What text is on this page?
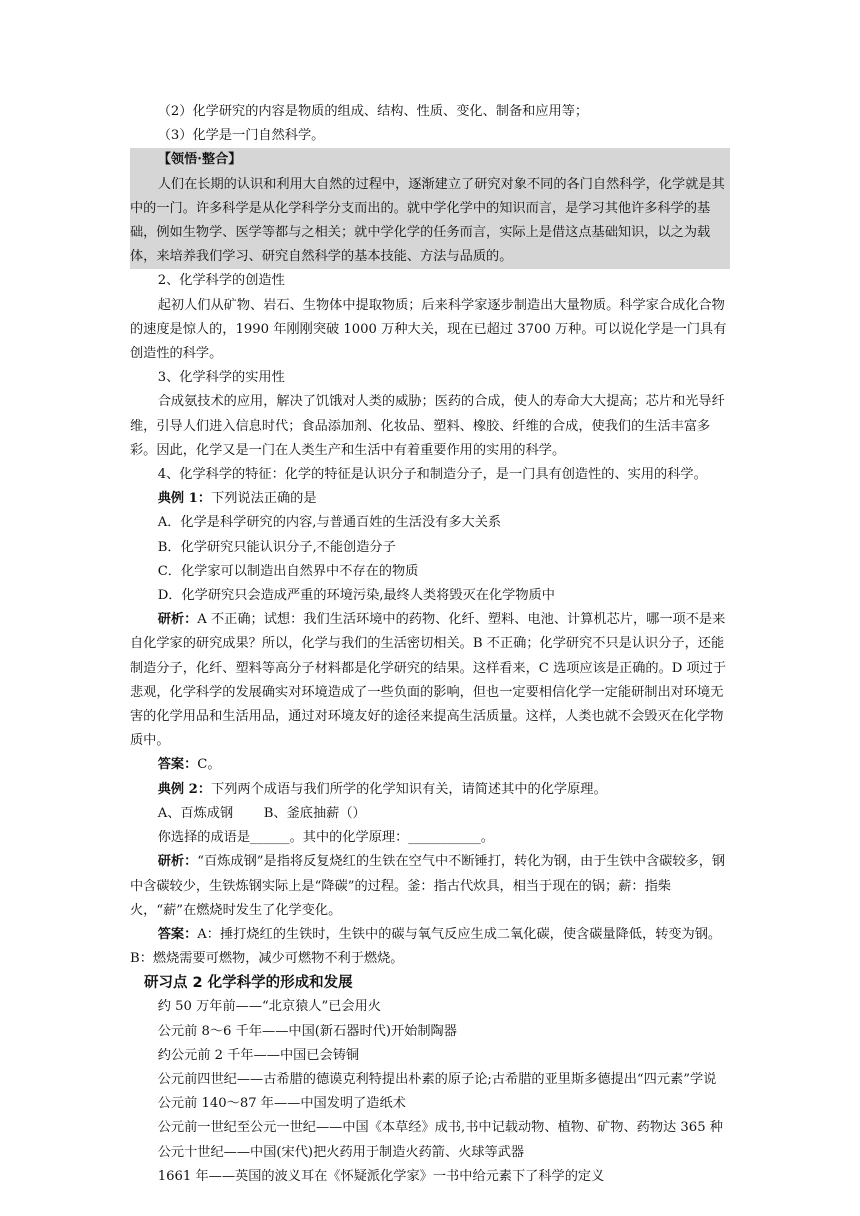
（2）化学研究的内容是物质的组成、结构、性质、变化、制备和应用等；

（3）化学是一门自然科学。

【领悟·整合】

人们在长期的认识和利用大自然的过程中，逐渐建立了研究对象不同的各门自然科学，化学就是其中的一门。许多科学是从化学科学分支而出的。就中学化学中的知识而言，是学习其他许多科学的基础，例如生物学、医学等都与之相关；就中学化学的任务而言，实际上是借这点基础知识，以之为载体，来培养我们学习、研究自然科学的基本技能、方法与品质的。

2、化学科学的创造性

起初人们从矿物、岩石、生物体中提取物质；后来科学家逐步制造出大量物质。科学家合成化合物的速度是惊人的，1990 年刚刚突破 1000 万种大关，现在已超过 3700 万种。可以说化学是一门具有创造性的科学。

3、化学科学的实用性

合成氨技术的应用，解决了饥饿对人类的威胁；医药的合成，使人的寿命大大提高；芯片和光导纤维，引导人们进入信息时代；食品添加剂、化妆品、塑料、橡胶、纤维的合成，使我们的生活丰富多彩。因此，化学又是一门在人类生产和生活中有着重要作用的实用的科学。

4、化学科学的特征：化学的特征是认识分子和制造分子，是一门具有创造性的、实用的科学。

典例 1：下列说法正确的是

A．化学是科学研究的内容,与普通百姓的生活没有多大关系

B．化学研究只能认识分子,不能创造分子

C．化学家可以制造出自然界中不存在的物质

D．化学研究只会造成严重的环境污染,最终人类将毁灭在化学物质中

研析：A 不正确；试想：我们生活环境中的药物、化纤、塑料、电池、计算机芯片，哪一项不是来自化学家的研究成果？所以，化学与我们的生活密切相关。B 不正确；化学研究不只是认识分子，还能制造分子，化纤、塑料等高分子材料都是化学研究的结果。这样看来，C 选项应该是正确的。D 项过于悲观，化学科学的发展确实对环境造成了一些负面的影响，但也一定要相信化学一定能研制出对环境无害的化学用品和生活用品，通过对环境友好的途径来提高生活质量。这样，人类也就不会毁灭在化学物质中。

答案：C。

典例 2：下列两个成语与我们所学的化学知识有关，请简述其中的化学原理。

A、百炼成钢　　 B、釜底抽薪（）

你选择的成语是______。其中的化学原理：___________。

研析：“百炼成钢”是指将反复烧红的生铁在空气中不断锤打，转化为钢，由于生铁中含碳较多，钢中含碳较少，生铁炼钢实际上是“降碳”的过程。釜：指古代炊具，相当于现在的锅；薪：指柴火，“薪”在燃烧时发生了化学变化。

答案：A：捶打烧红的生铁时，生铁中的碳与氧气反应生成二氧化碳，使含碳量降低，转变为钢。B：燃烧需要可燃物，减少可燃物不利于燃烧。

研习点 2 化学科学的形成和发展

约 50 万年前——“北京猿人”已会用火

公元前 8～6 千年——中国(新石器时代)开始制陶器

约公元前 2 千年——中国已会铸铜

公元前四世纪——古希腊的德谟克利特提出朴素的原子论;古希腊的亚里斯多德提出“四元素”学说

公元前 140～87 年——中国发明了造纸术

公元前一世纪至公元一世纪——中国《本草经》成书,书中记载动物、植物、矿物、药物达 365 种

公元十世纪——中国(宋代)把火药用于制造火药箭、火球等武器

1661 年——英国的波义耳在《怀疑派化学家》一书中给元素下了科学的定义
